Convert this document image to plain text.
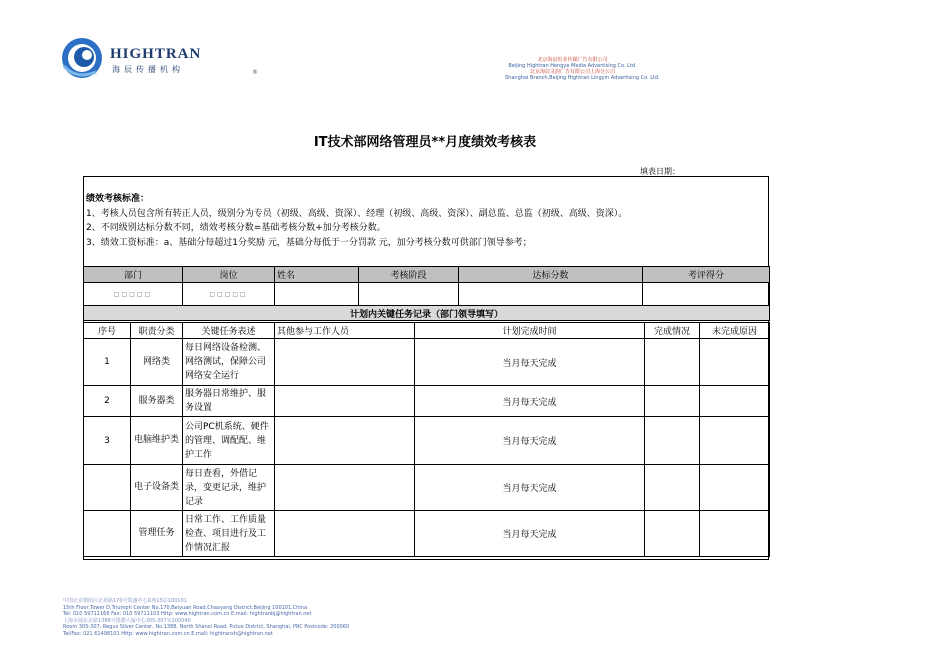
HIGHTRAN
海辰传播机构	®
北京海辰恒业传媒广告有限公司
Beijing Hightran Hengye Media Advertising Co. Ltd.
北京海辰灵韵广告有限公司上海分公司
Shanghai Branch,Beijing Hightran Lingyin Advertising Co. Ltd.
IT技术部网络管理员**月度绩效考核表
填表日期：
绩效考核标准：
1、考核人员包含所有转正人员，级别分为专员（初级、高级、资深）、经理（初级、高级、资深）、副总监、总监（初级、高级、资深）。
2、不同级别达标分数不同，绩效考核分数=基础考核分数+加分考核分数。
3、绩效工资标准：a、基础分每超过1分奖励 元，基础分每低于一分罚款 元，加分考核分数可供部门领导参考；
部门	岗位	姓名	考核阶段	达标分数	考评得分
□□□□□	□□□□□				
计划内关键任务记录（部门领导填写）					
序号	职责分类	关键任务表述	其他参与工作人员	计划完成时间	完成情况	未完成原因
1	网络类	每日网络设备检测、网络测试，保障公司网络安全运行		当月每天完成		
2	服务器类	服务器日常维护、服务设置		当月每天完成		
3	电脑维护类	公司PC机系统、硬件的管理、调配配、维护工作		当月每天完成		
	电子设备类	每日查看，外借记录，变更记录，维护记录		当月每天完成		
	管理任务	日常工作、工作质量检查、项目进行及工作情况汇报		当月每天完成		
中国北京朝阳区北苑路170号凯盛中心D座15层100101
15th Floor,Tower D,Triumph Center No.170,Beiyuan Road,Chaoyang District,Beijing 100101,China
Tel: 010 59711166 Fax: 010 59711103 Http: www.hightran.com.cn E.mail: hightranbj@hightran.net
上海市浦东北路1388号银都大厦中心305-307室200040
Room 305-307, Regus Silver Center, No.1388, North Shanxi Road, Putuo District, Shanghai, PRC Postcode: 200060
Tel/Fax: 021 61498101 Http: www.hightran.com.cn E.mail: hightransh@hightran.net
